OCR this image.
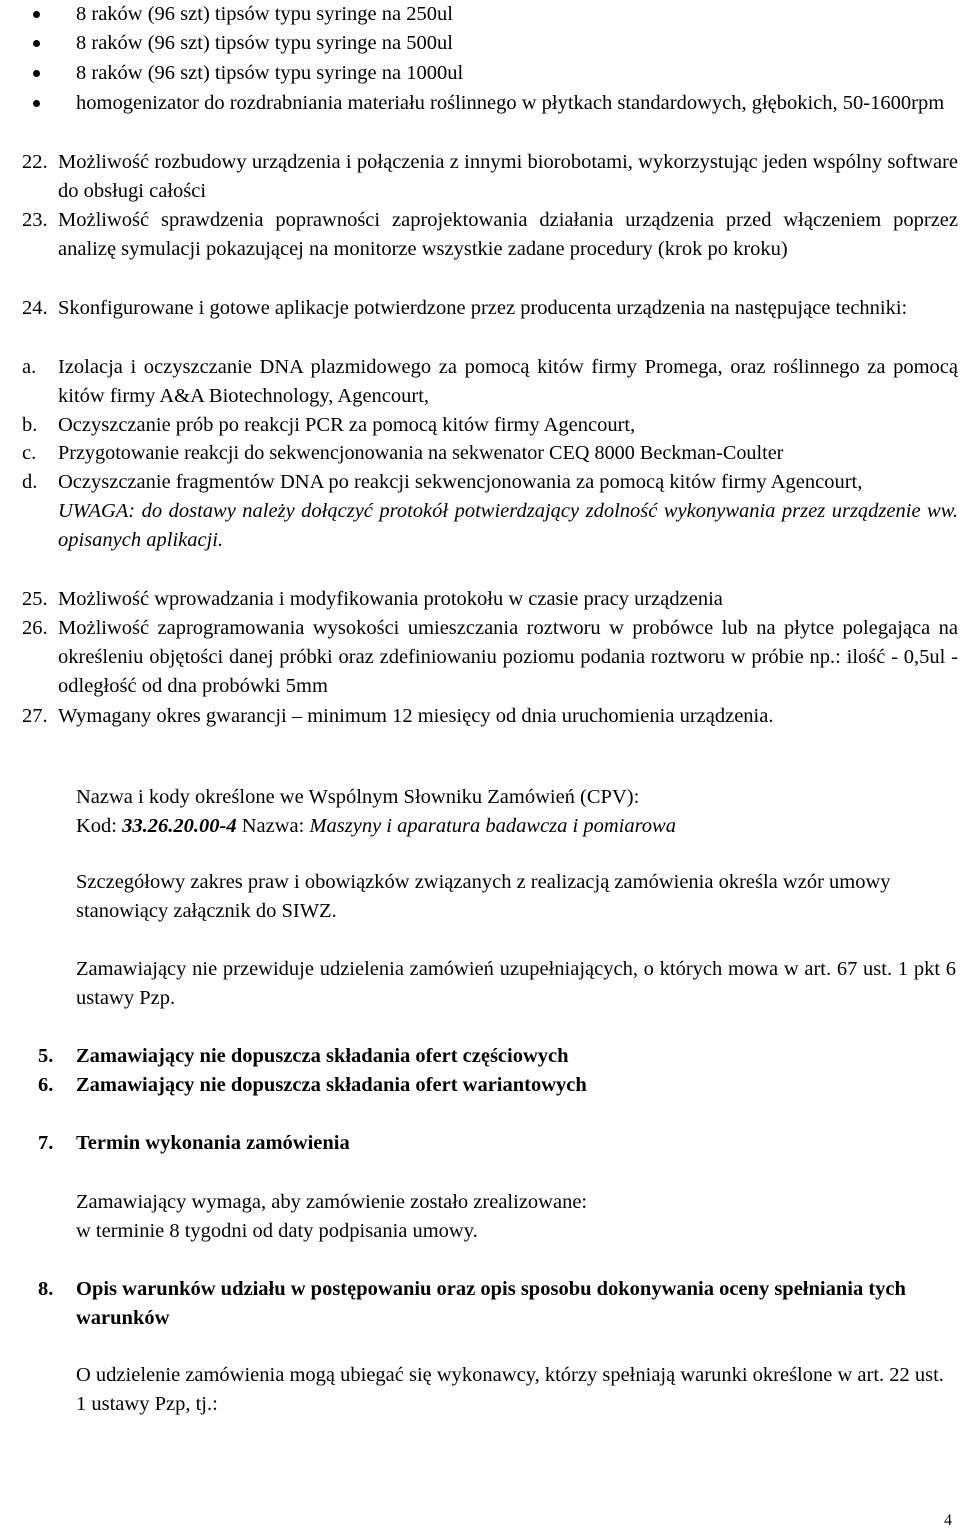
8 raków (96 szt) tipsów typu syringe na 250ul
8 raków (96 szt) tipsów typu syringe na 500ul
8 raków (96 szt) tipsów typu syringe na 1000ul
homogenizator do rozdrabniania materiału roślinnego w płytkach standardowych, głębokich, 50-1600rpm
22. Możliwość rozbudowy urządzenia i połączenia z innymi biorobotami, wykorzystując jeden wspólny software do obsługi całości
23. Możliwość sprawdzenia poprawności zaprojektowania działania urządzenia przed włączeniem poprzez analizę symulacji pokazującej na monitorze wszystkie zadane procedury (krok po kroku)
24. Skonfigurowane i gotowe aplikacje potwierdzone przez producenta urządzenia na następujące techniki:
a. Izolacja i oczyszczanie DNA plazmidowego za pomocą kitów firmy Promega, oraz roślinnego za pomocą kitów firmy A&A Biotechnology, Agencourt,
b. Oczyszczanie prób po reakcji PCR za pomocą kitów firmy Agencourt,
c. Przygotowanie reakcji do sekwencjonowania na sekwenator CEQ 8000 Beckman-Coulter
d. Oczyszczanie fragmentów DNA po reakcji sekwencjonowania za pomocą kitów firmy Agencourt,
UWAGA: do dostawy należy dołączyć protokół potwierdzający zdolność wykonywania przez urządzenie ww. opisanych aplikacji.
25. Możliwość wprowadzania i modyfikowania protokołu w czasie pracy urządzenia
26. Możliwość zaprogramowania wysokości umieszczania roztworu w probówce lub na płytce polegająca na określeniu objętości danej próbki oraz zdefiniowaniu poziomu podania roztworu w próbie np.: ilość - 0,5ul - odległość od dna probówki 5mm
27. Wymagany okres gwarancji – minimum 12 miesięcy od dnia uruchomienia urządzenia.
Nazwa i kody określone we Wspólnym Słowniku Zamówień (CPV):
Kod: 33.26.20.00-4 Nazwa: Maszyny i aparatura badawcza i pomiarowa
Szczegółowy zakres praw i obowiązków związanych z realizacją zamówienia określa wzór umowy stanowiący załącznik do SIWZ.
Zamawiający nie przewiduje udzielenia zamówień uzupełniających, o których mowa w art. 67 ust. 1 pkt 6 ustawy Pzp.
5. Zamawiający nie dopuszcza składania ofert częściowych
6. Zamawiający nie dopuszcza składania ofert wariantowych
7. Termin wykonania zamówienia
Zamawiający wymaga, aby zamówienie zostało zrealizowane:
w terminie 8 tygodni od daty podpisania umowy.
8. Opis warunków udziału w postępowaniu oraz opis sposobu dokonywania oceny spełniania tych warunków
O udzielenie zamówienia mogą ubiegać się wykonawcy, którzy spełniają warunki określone w art. 22 ust. 1 ustawy Pzp, tj.:
4
